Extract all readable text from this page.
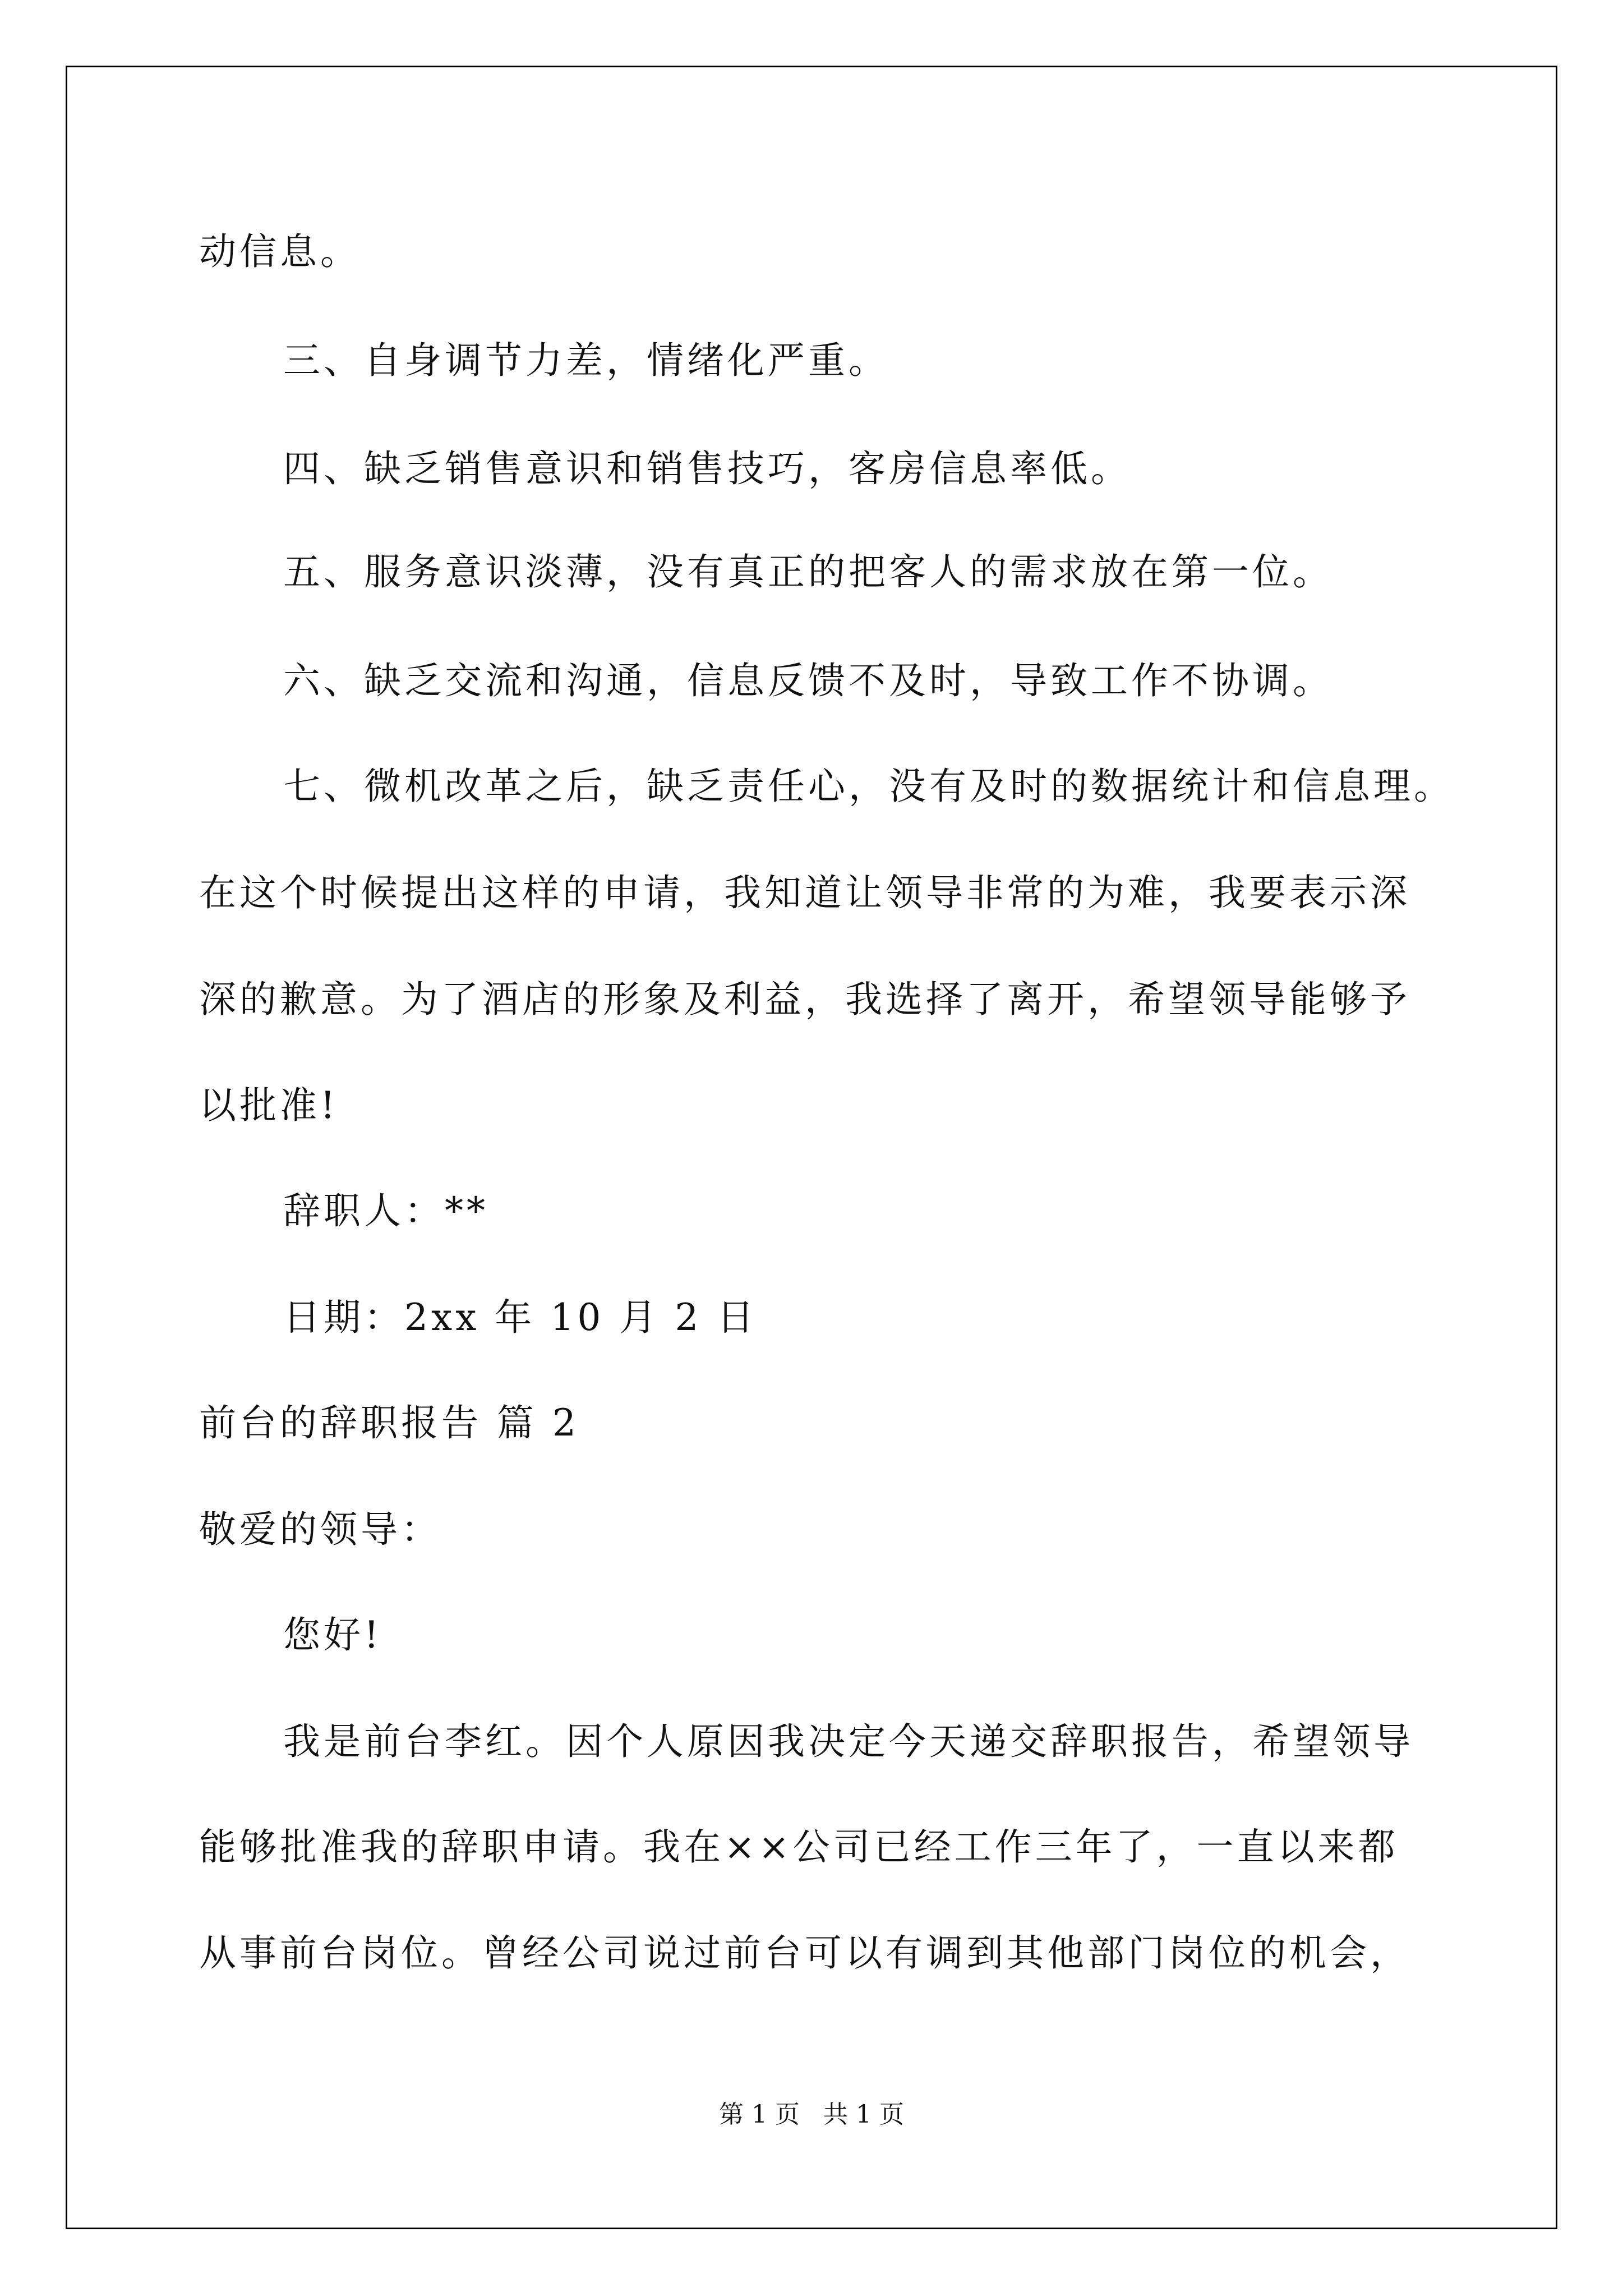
动信息。
三、自身调节力差，情绪化严重。
四、缺乏销售意识和销售技巧，客房信息率低。
五、服务意识淡薄，没有真正的把客人的需求放在第一位。
六、缺乏交流和沟通，信息反馈不及时，导致工作不协调。
七、微机改革之后，缺乏责任心，没有及时的数据统计和信息理。
在这个时候提出这样的申请，我知道让领导非常的为难，我要表示深
深的歉意。为了酒店的形象及利益，我选择了离开，希望领导能够予
以批准!
辞职人：**
日期：2xx 年 10 月 2 日
前台的辞职报告 篇 2
敬爱的领导：
您好!
我是前台李红。因个人原因我决定今天递交辞职报告，希望领导
能够批准我的辞职申请。我在××公司已经工作三年了，一直以来都
从事前台岗位。曾经公司说过前台可以有调到其他部门岗位的机会，
第 1 页   共 1 页
